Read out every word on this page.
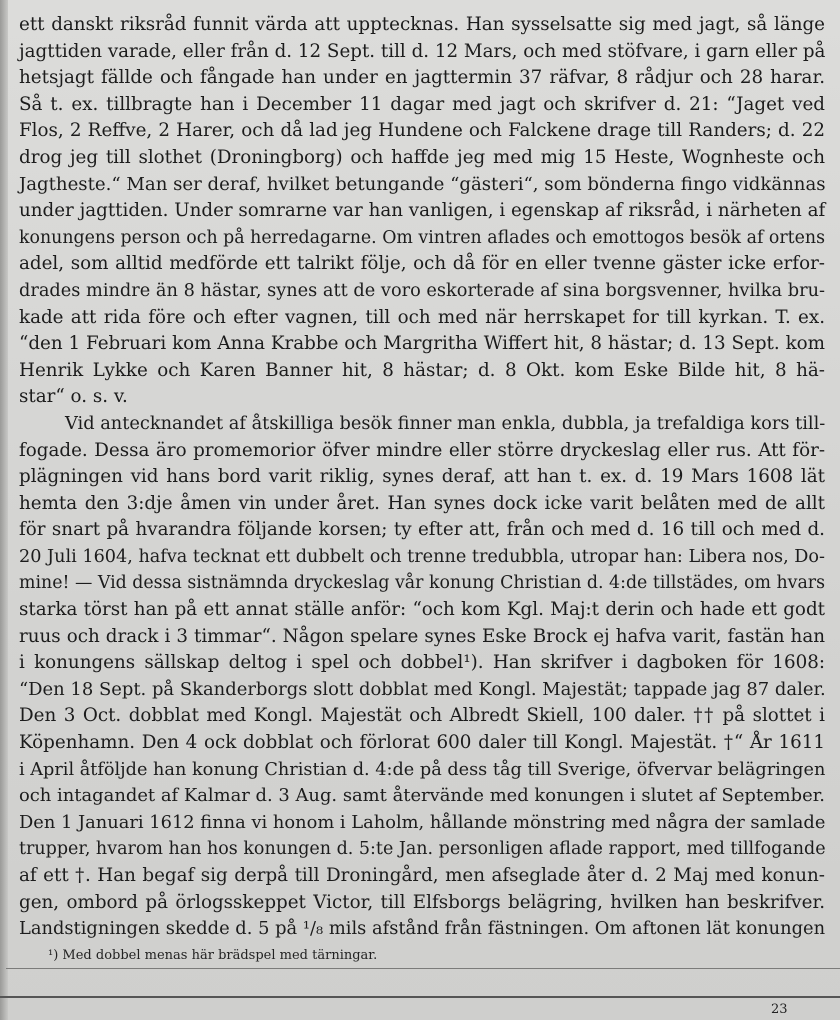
ett danskt riksråd funnit värda att upptecknas. Han sysselsatte sig med jagt, så länge
jagttiden varade, eller från d. 12 Sept. till d. 12 Mars, och med stöfvare, i garn eller på
hetsjagt fällde och fångade han under en jagttermin 37 räfvar, 8 rådjur och 28 harar.
Så t. ex. tillbragte han i December 11 dagar med jagt och skrifver d. 21: “Jaget ved
Flos, 2 Reffve, 2 Harer, och då lad jeg Hundene och Falckene drage till Randers; d. 22
drog jeg till slothet (Droningborg) och haffde jeg med mig 15 Heste, Wognheste och
Jagtheste.“ Man ser deraf, hvilket betungande “gästeri“, som bönderna fingo vidkännas
under jagttiden. Under somrarne var han vanligen, i egenskap af riksråd, i närheten af
konungens person och på herredagarne. Om vintren aflades och emottogos besök af ortens
adel, som alltid medförde ett talrikt följe, och då för en eller tvenne gäster icke erfor-
drades mindre än 8 hästar, synes att de voro eskorterade af sina borgsvenner, hvilka bru-
kade att rida före och efter vagnen, till och med när herrskapet for till kyrkan. T. ex.
“den 1 Februari kom Anna Krabbe och Margritha Wiffert hit, 8 hästar; d. 13 Sept. kom
Henrik Lykke och Karen Banner hit, 8 hästar; d. 8 Okt. kom Eske Bilde hit, 8 hä-
star“ o. s. v.
Vid antecknandet af åtskilliga besök finner man enkla, dubbla, ja trefaldiga kors till-
fogade. Dessa äro promemorior öfver mindre eller större dryckeslag eller rus. Att för-
plägningen vid hans bord varit riklig, synes deraf, att han t. ex. d. 19 Mars 1608 lät
hemta den 3:dje åmen vin under året. Han synes dock icke varit belåten med de allt
för snart på hvarandra följande korsen; ty efter att, från och med d. 16 till och med d.
20 Juli 1604, hafva tecknat ett dubbelt och trenne tredubbla, utropar han: Libera nos, Do-
mine! — Vid dessa sistnämnda dryckeslag vår konung Christian d. 4:de tillstädes, om hvars
starka törst han på ett annat ställe anför: “och kom Kgl. Maj:t derin och hade ett godt
ruus och drack i 3 timmar“. Någon spelare synes Eske Brock ej hafva varit, fastän han
i konungens sällskap deltog i spel och dobbel¹). Han skrifver i dagboken för 1608:
“Den 18 Sept. på Skanderborgs slott dobblat med Kongl. Majestät; tappade jag 87 daler.
Den 3 Oct. dobblat med Kongl. Majestät och Albredt Skiell, 100 daler. †† på slottet i
Köpenhamn. Den 4 ock dobblat och förlorat 600 daler till Kongl. Majestät. †“ År 1611
i April åtföljde han konung Christian d. 4:de på dess tåg till Sverige, öfvervar belägringen
och intagandet af Kalmar d. 3 Aug. samt återvände med konungen i slutet af September.
Den 1 Januari 1612 finna vi honom i Laholm, hållande mönstring med några der samlade
trupper, hvarom han hos konungen d. 5:te Jan. personligen aflade rapport, med tillfogande
af ett †. Han begaf sig derpå till Droningård, men afseglade åter d. 2 Maj med konun-
gen, ombord på örlogsskeppet Victor, till Elfsborgs belägring, hvilken han beskrifver.
Landstigningen skedde d. 5 på ¹/₈ mils afstånd från fästningen. Om aftonen lät konungen
¹) Med dobbel menas här brädspel med tärningar.
23
